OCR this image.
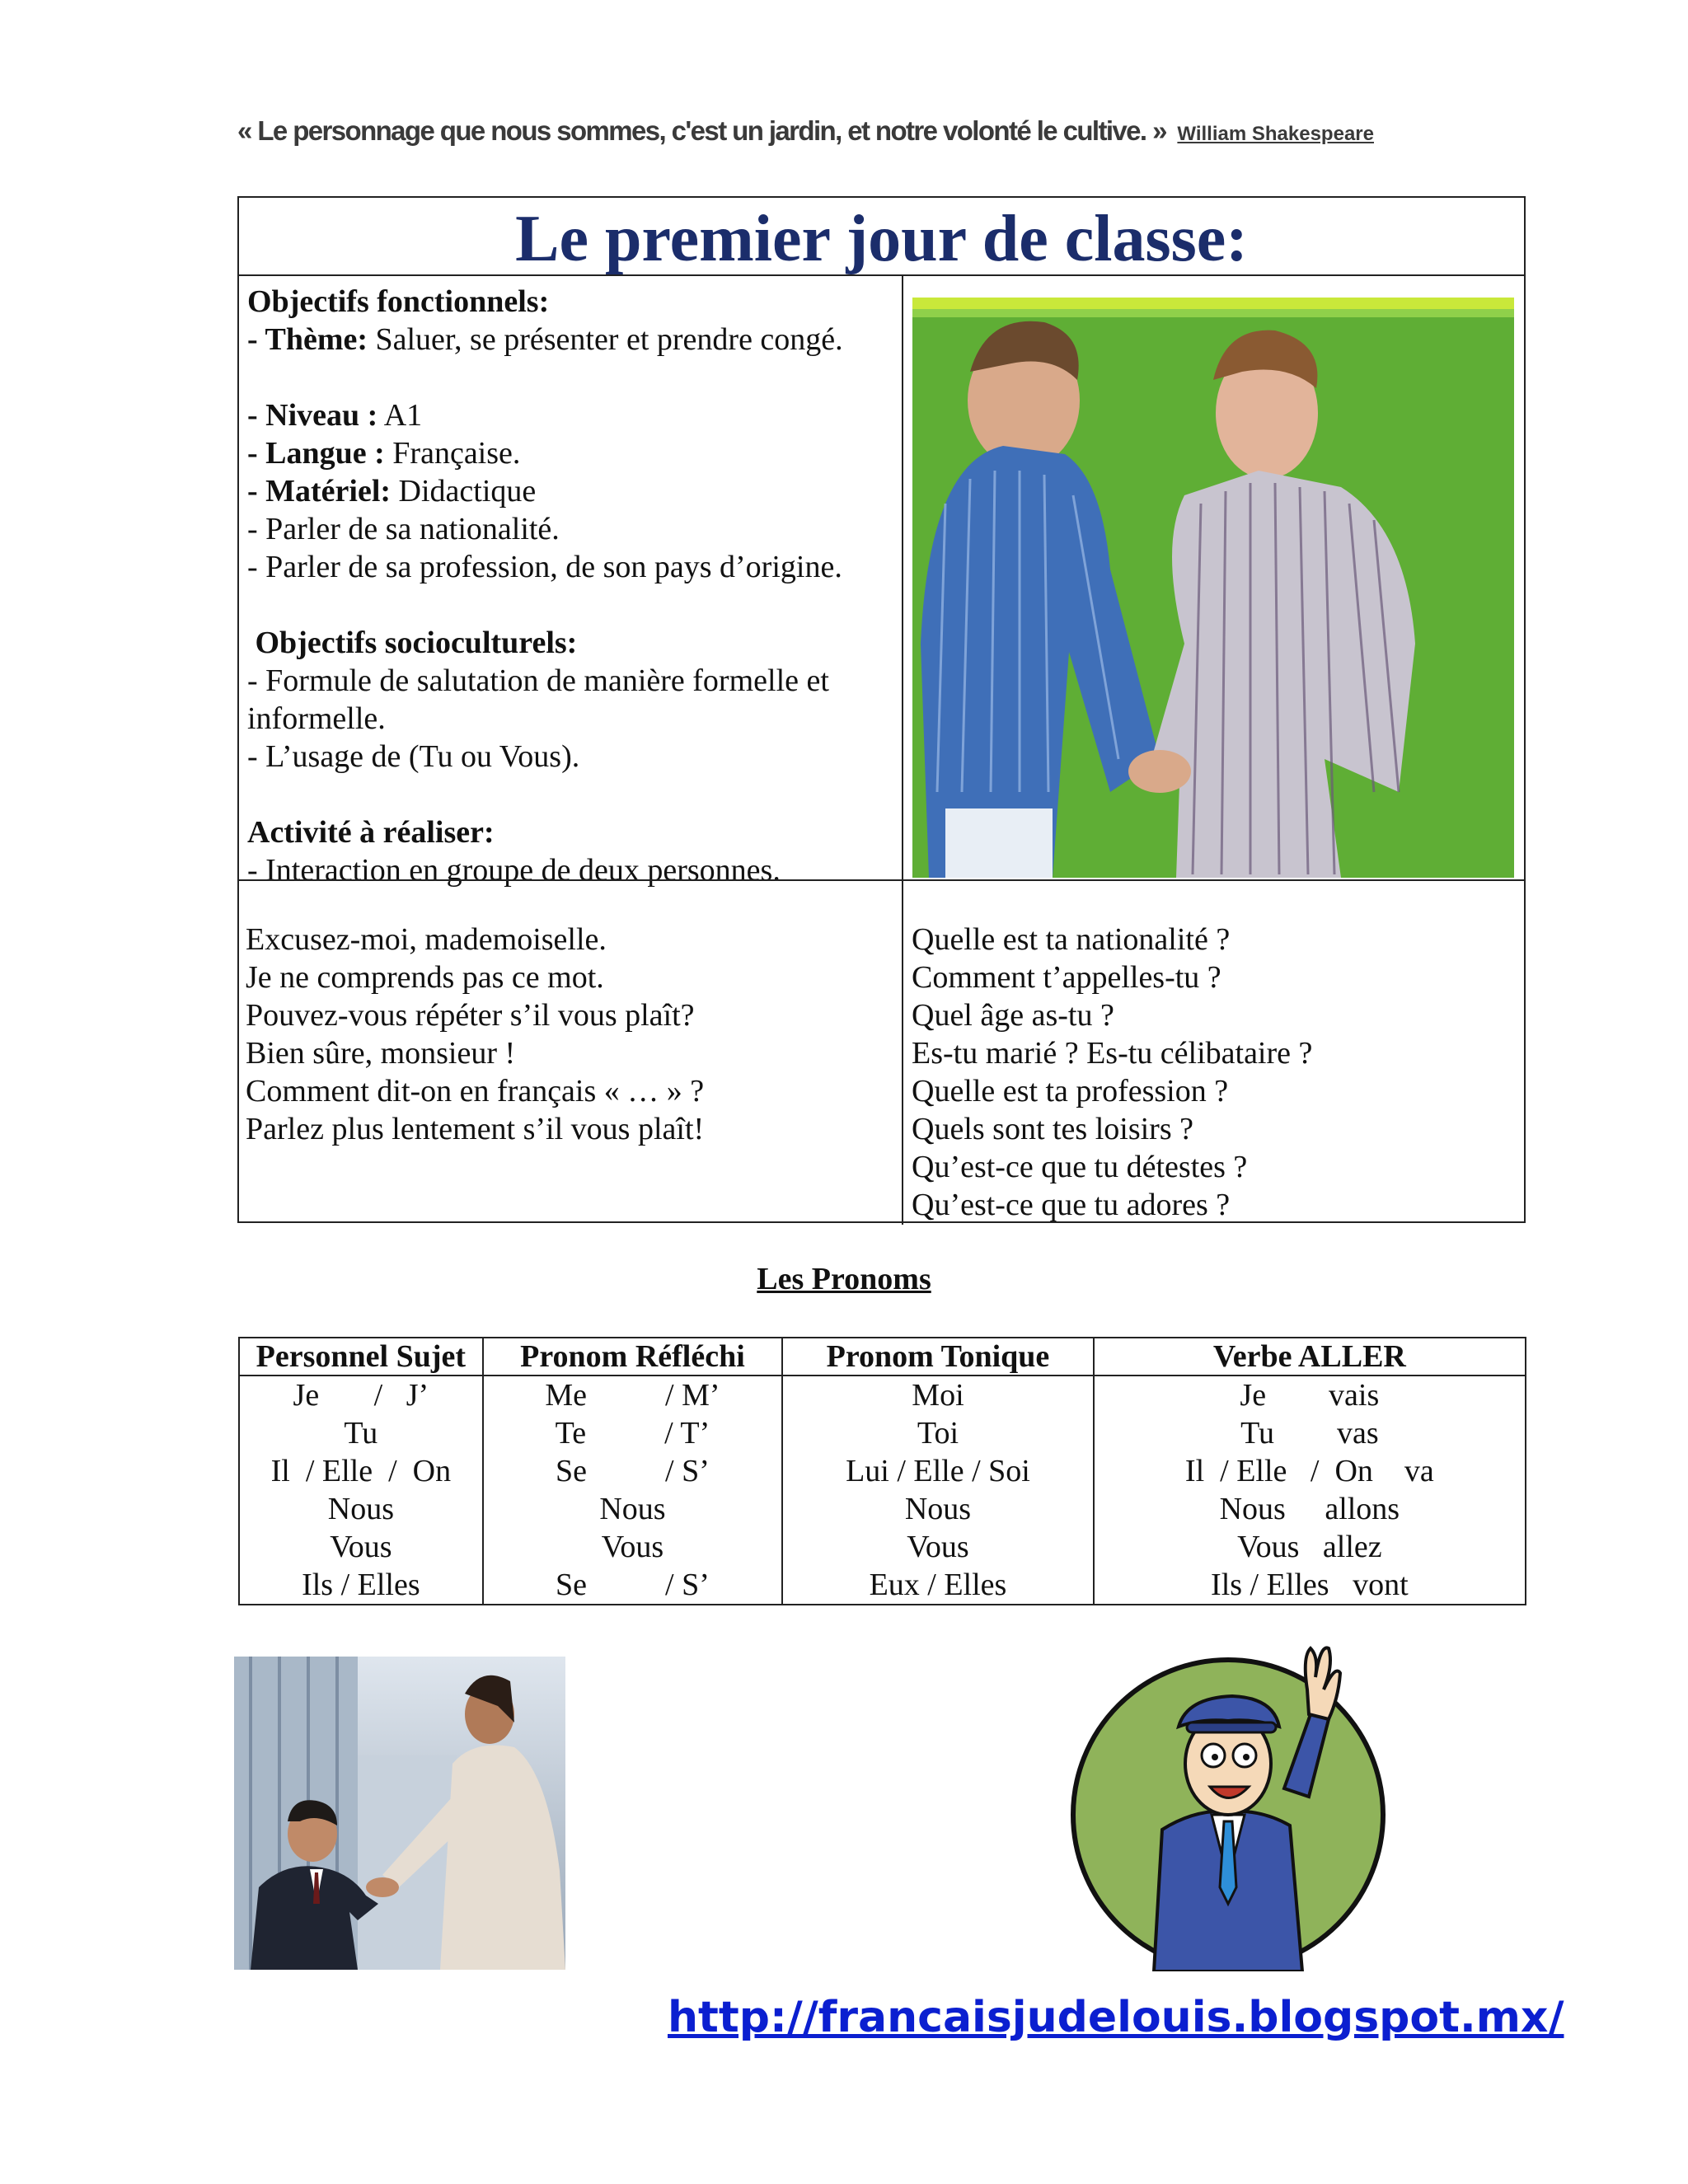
« Le personnage que nous sommes, c'est un jardin, et notre volonté le cultive. » William Shakespeare
Le premier jour de classe:

Objectifs fonctionnels:

- Thème: Saluer, se présenter et prendre congé.

- Niveau : A1

- Langue : Française.

- Matériel: Didactique

- Parler de sa nationalité.

- Parler de sa profession, de son pays d’origine.

Objectifs socioculturels:

- Formule de salutation de manière formelle et

informelle.

- L’usage de (Tu ou Vous).

Activité à réaliser:

- Interaction en groupe de deux personnes.

Excusez-moi, mademoiselle.
Je ne comprends pas ce mot.
Pouvez-vous répéter s’il vous plaît?
Bien sûre, monsieur !
Comment dit-on en français « … » ?
Parlez plus lentement s’il vous plaît!
Quelle est ta nationalité ?
Comment t’appelles-tu ?
Quel âge as-tu ?
Es-tu marié ? Es-tu célibataire ?
Quelle est ta profession ?
Quels sont tes loisirs ?
Qu’est-ce que tu détestes ?
Qu’est-ce que tu adores ?
Les Pronoms
Personnel Sujet	Pronom Réfléchi	Pronom Tonique	Verbe ALLER
Je       /   J’	Me          / M’	Moi	Je        vais
Tu	Te          / T’	Toi	Tu        vas
Il  / Elle  /  On	Se          / S’	Lui / Elle / Soi	Il  / Elle   /  On    va
Nous	Nous	Nous	Nous     allons
Vous	Vous	Vous	Vous   allez
Ils / Elles	Se          / S’	Eux / Elles	Ils / Elles   vont
http://francaisjudelouis.blogspot.mx/
